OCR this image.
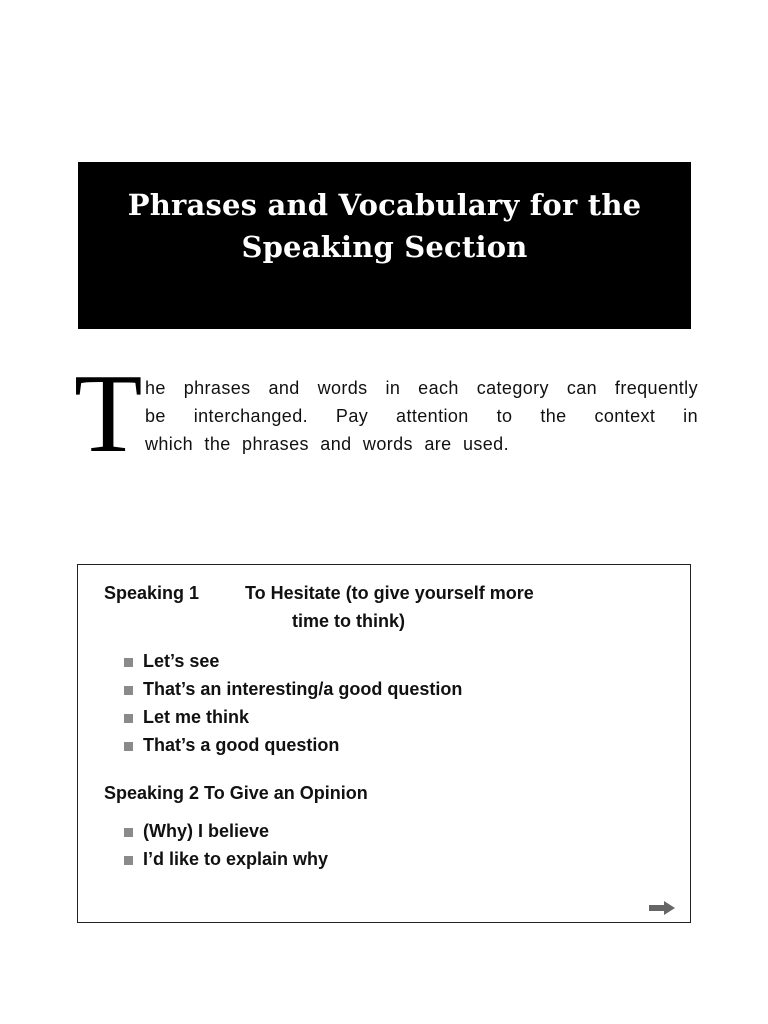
Phrases and Vocabulary for the
Speaking Section
T he phrases and words in each category can frequently
be interchanged. Pay attention to the context in
which the phrases and words are used.
Speaking 1	To Hesitate (to give yourself more
time to think)
Let’s see
That’s an interesting/a good question
Let me think
That’s a good question
Speaking 2 To Give an Opinion
(Why) I believe
I’d like to explain why
